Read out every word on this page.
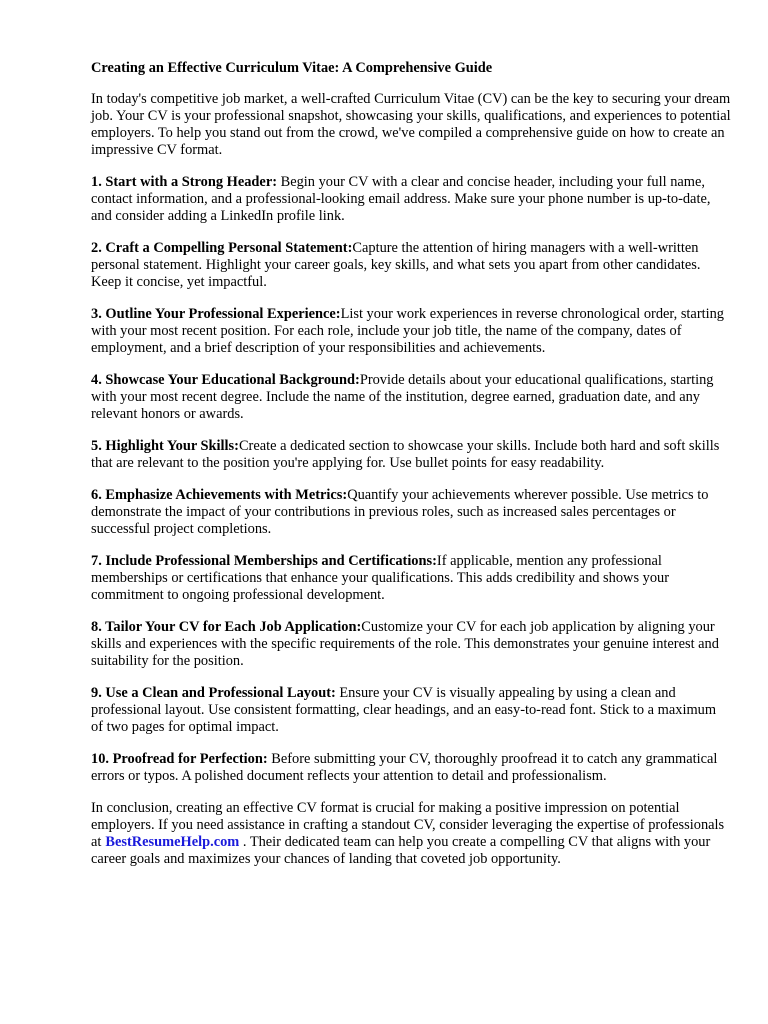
Creating an Effective Curriculum Vitae: A Comprehensive Guide

In today's competitive job market, a well-crafted Curriculum Vitae (CV) can be the key to securing your dream job. Your CV is your professional snapshot, showcasing your skills, qualifications, and experiences to potential employers. To help you stand out from the crowd, we've compiled a comprehensive guide on how to create an impressive CV format.

1. Start with a Strong Header: Begin your CV with a clear and concise header, including your full name, contact information, and a professional-looking email address. Make sure your phone number is up-to-date, and consider adding a LinkedIn profile link.

2. Craft a Compelling Personal Statement:Capture the attention of hiring managers with a well-written personal statement. Highlight your career goals, key skills, and what sets you apart from other candidates. Keep it concise, yet impactful.

3. Outline Your Professional Experience:List your work experiences in reverse chronological order, starting with your most recent position. For each role, include your job title, the name of the company, dates of employment, and a brief description of your responsibilities and achievements.

4. Showcase Your Educational Background:Provide details about your educational qualifications, starting with your most recent degree. Include the name of the institution, degree earned, graduation date, and any relevant honors or awards.

5. Highlight Your Skills:Create a dedicated section to showcase your skills. Include both hard and soft skills that are relevant to the position you're applying for. Use bullet points for easy readability.

6. Emphasize Achievements with Metrics:Quantify your achievements wherever possible. Use metrics to demonstrate the impact of your contributions in previous roles, such as increased sales percentages or successful project completions.

7. Include Professional Memberships and Certifications:If applicable, mention any professional memberships or certifications that enhance your qualifications. This adds credibility and shows your commitment to ongoing professional development.

8. Tailor Your CV for Each Job Application:Customize your CV for each job application by aligning your skills and experiences with the specific requirements of the role. This demonstrates your genuine interest and suitability for the position.

9. Use a Clean and Professional Layout: Ensure your CV is visually appealing by using a clean and professional layout. Use consistent formatting, clear headings, and an easy-to-read font. Stick to a maximum of two pages for optimal impact.

10. Proofread for Perfection: Before submitting your CV, thoroughly proofread it to catch any grammatical errors or typos. A polished document reflects your attention to detail and professionalism.

In conclusion, creating an effective CV format is crucial for making a positive impression on potential employers. If you need assistance in crafting a standout CV, consider leveraging the expertise of professionals at BestResumeHelp.com . Their dedicated team can help you create a compelling CV that aligns with your career goals and maximizes your chances of landing that coveted job opportunity.
